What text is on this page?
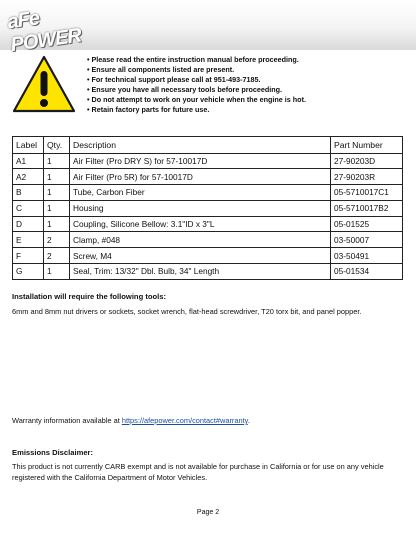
aFe POWER
• Please read the entire instruction manual before proceeding.
• Ensure all components listed are present.
• For technical support please call at 951-493-7185.
• Ensure you have all necessary tools before proceeding.
• Do not attempt to work on your vehicle when the engine is hot.
• Retain factory parts for future use.
Label	Qty.	Description	Part Number
A1	1	Air Filter (Pro DRY S) for 57-10017D	27-90203D
A2	1	Air Filter (Pro 5R) for 57-10017D	27-90203R
B	1	Tube, Carbon Fiber	05-5710017C1
C	1	Housing	05-5710017B2
D	1	Coupling, Silicone Bellow: 3.1"ID x 3"L	05-01525
E	2	Clamp, #048	03-50007
F	2	Screw, M4	03-50491
G	1	Seal, Trim: 13/32" Dbl. Bulb, 34" Length	05-01534

Installation will require the following tools:

6mm and 8mm nut drivers or sockets, socket wrench, flat-head screwdriver, T20 torx bit, and panel popper.

Warranty information available at https://afepower.com/contact#warranty.

Emissions Disclaimer:

This product is not currently CARB exempt and is not available for purchase in California or for use on any vehicle registered with the California Department of Motor Vehicles.

Page 2
